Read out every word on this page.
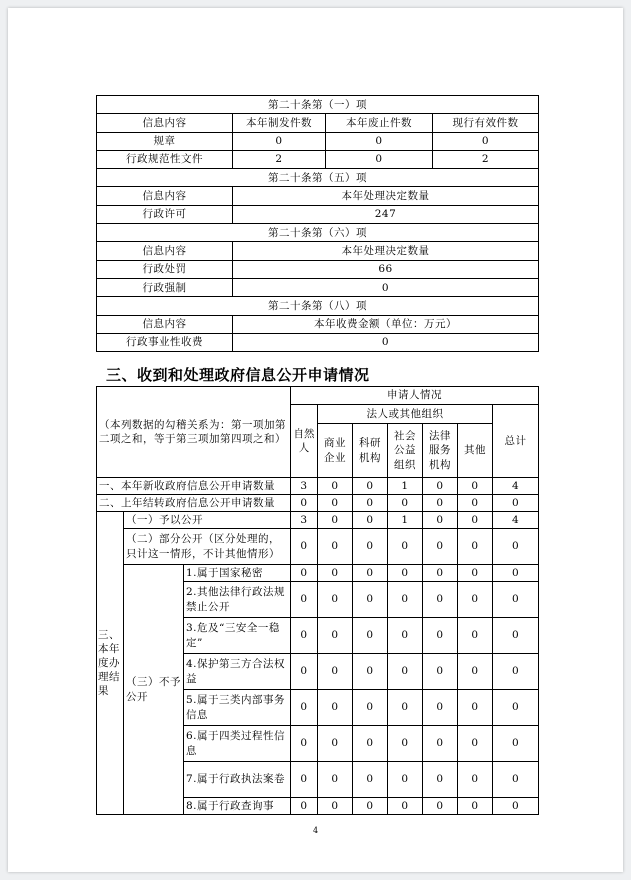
第二十条第（一）项			
信息内容	本年制发件数	本年废止件数	现行有效件数
规章	0	0	0
行政规范性文件	2	0	2
第二十条第（五）项			
信息内容	本年处理决定数量		
行政许可	247		
第二十条第（六）项			
信息内容	本年处理决定数量		
行政处罚	66		
行政强制	0		
第二十条第（八）项			
信息内容	本年收费金额（单位：万元）		
行政事业性收费	0		
三、收到和处理政府信息公开申请情况
（本列数据的勾稽关系为：第一项加第二项之和，等于第三项加第四项之和）			申请人情况						
			自然人	法人或其他组织					总计
				商业企业	科研机构	社会公益组织	法律服务机构	其他	
一、本年新收政府信息公开申请数量			3	0	0	1	0	0	4
二、上年结转政府信息公开申请数量			0	0	0	0	0	0	0
三、本年度办理结果	（一）予以公开		3	0	0	1	0	0	4
	（二）部分公开（区分处理的，只计这一情形，不计其他情形）		0	0	0	0	0	0	0
	（三）不予公开	1.属于国家秘密	0	0	0	0	0	0	0
		2.其他法律行政法规禁止公开	0	0	0	0	0	0	0
		3.危及“三安全一稳定”	0	0	0	0	0	0	0
		4.保护第三方合法权益	0	0	0	0	0	0	0
		5.属于三类内部事务信息	0	0	0	0	0	0	0
		6.属于四类过程性信息	0	0	0	0	0	0	0
		7.属于行政执法案卷	0	0	0	0	0	0	0
		8.属于行政查询事	0	0	0	0	0	0	0
4
